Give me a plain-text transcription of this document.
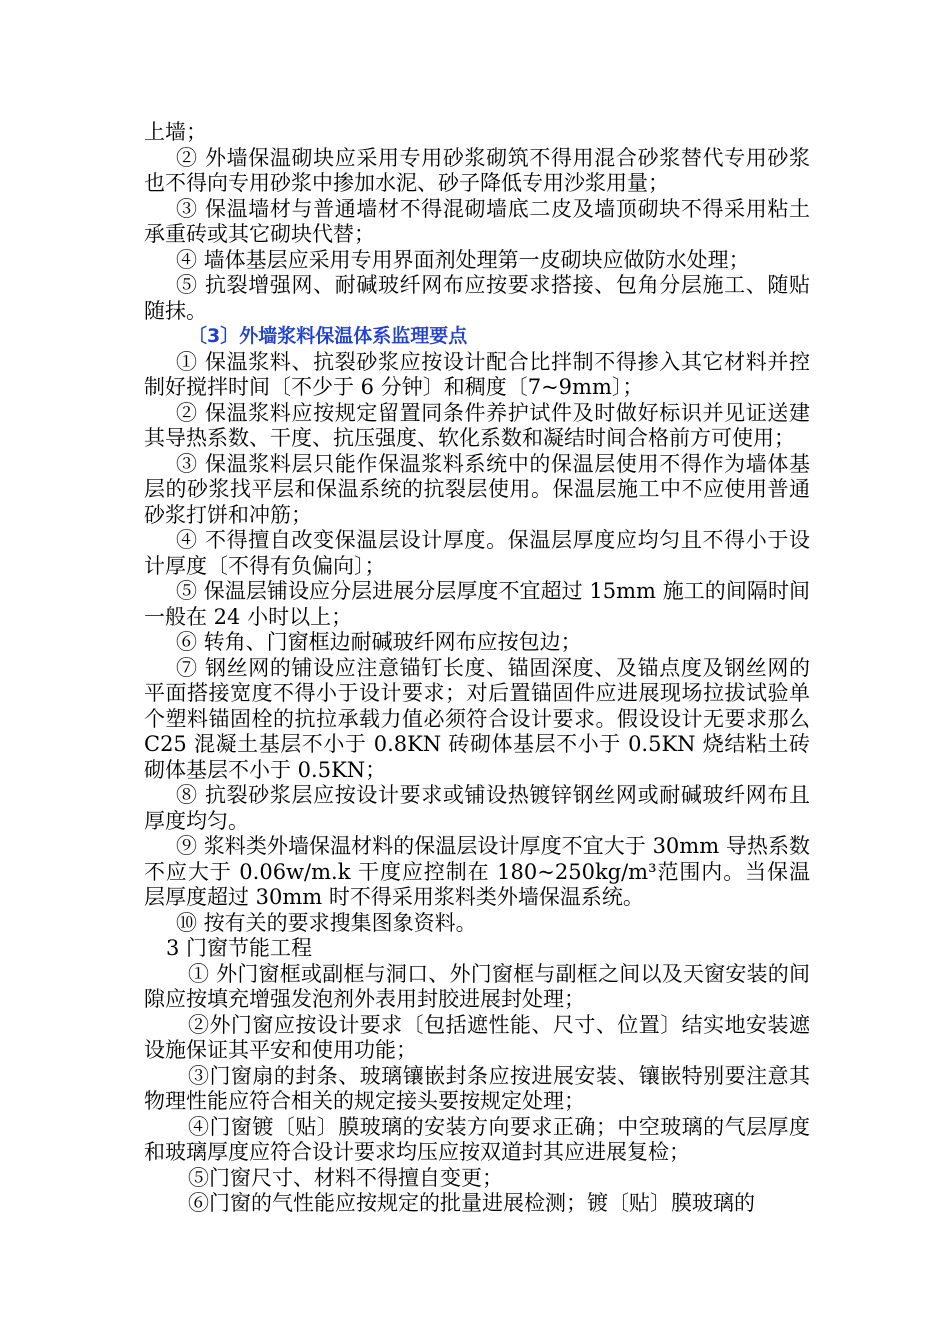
上墙；

② 外墙保温砌块应采用专用砂浆砌筑不得用混合砂浆替代专用砂浆也不得向专用砂浆中掺加水泥、砂子降低专用沙浆用量；

③ 保温墙材与普通墙材不得混砌墙底二皮及墙顶砌块不得采用粘土承重砖或其它砌块代替；

④ 墙体基层应采用专用界面剂处理第一皮砌块应做防水处理；

⑤ 抗裂增强网、耐碱玻纤网布应按要求搭接、包角分层施工、随贴随抹。

〔3〕外墙浆料保温体系监理要点

① 保温浆料、抗裂砂浆应按设计配合比拌制不得掺入其它材料并控制好搅拌时间〔不少于 6 分钟〕和稠度〔7~9mm〕；

② 保温浆料应按规定留置同条件养护试件及时做好标识并见证送建其导热系数、干度、抗压强度、软化系数和凝结时间合格前方可使用；

③ 保温浆料层只能作保温浆料系统中的保温层使用不得作为墙体基层的砂浆找平层和保温系统的抗裂层使用。保温层施工中不应使用普通砂浆打饼和冲筋；

④ 不得擅自改变保温层设计厚度。保温层厚度应均匀且不得小于设计厚度〔不得有负偏向〕；

⑤ 保温层铺设应分层进展分层厚度不宜超过 15mm 施工的间隔时间一般在 24 小时以上；

⑥ 转角、门窗框边耐碱玻纤网布应按包边；

⑦ 钢丝网的铺设应注意锚钉长度、锚固深度、及锚点度及钢丝网的平面搭接宽度不得小于设计要求；对后置锚固件应进展现场拉拔试验单个塑料锚固栓的抗拉承载力值必须符合设计要求。假设设计无要求那么 C25 混凝土基层不小于 0.8KN 砖砌体基层不小于 0.5KN 烧结粘土砖砌体基层不小于 0.5KN；

⑧ 抗裂砂浆层应按设计要求或铺设热镀锌钢丝网或耐碱玻纤网布且厚度均匀。

⑨ 浆料类外墙保温材料的保温层设计厚度不宜大于 30mm 导热系数不应大于 0.06w/m.k 干度应控制在 180~250kg/m³范围内。当保温层厚度超过 30mm 时不得采用浆料类外墙保温系统。

⑩ 按有关的要求搜集图象资料。

3 门窗节能工程

① 外门窗框或副框与洞口、外门窗框与副框之间以及天窗安装的间隙应按填充增强发泡剂外表用封胶进展封处理；

②外门窗应按设计要求〔包括遮性能、尺寸、位置〕结实地安装遮设施保证其平安和使用功能；

③门窗扇的封条、玻璃镶嵌封条应按进展安装、镶嵌特别要注意其物理性能应符合相关的规定接头要按规定处理；

④门窗镀〔贴〕膜玻璃的安装方向要求正确；中空玻璃的气层厚度和玻璃厚度应符合设计要求均压应按双道封其应进展复检；

⑤门窗尺寸、材料不得擅自变更；

⑥门窗的气性能应按规定的批量进展检测；镀〔贴〕膜玻璃的
